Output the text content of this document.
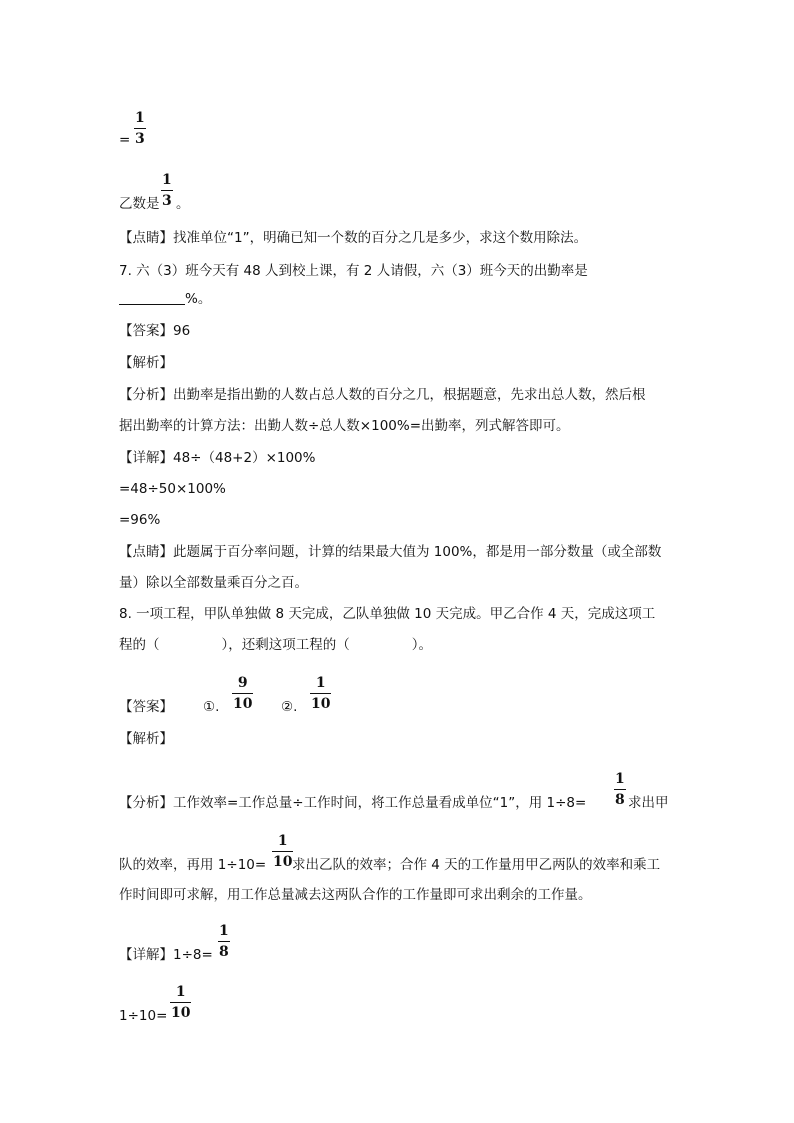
=
1
3
乙数是
1
3 。
【点睛】找准单位“1”，明确已知一个数的百分之几是多少，求这个数用除法。
7. 六（3）班今天有 48 人到校上课，有 2 人请假，六（3）班今天的出勤率是
%。
【答案】96
【解析】
【分析】出勤率是指出勤的人数占总人数的百分之几，根据题意，先求出总人数，然后根
据出勤率的计算方法：出勤人数÷总人数×100%=出勤率，列式解答即可。
【详解】48÷（48+2）×100%
=48÷50×100%
=96%
【点睛】此题属于百分率问题，计算的结果最大值为 100%，都是用一部分数量（或全部数
量）除以全部数量乘百分之百。
8. 一项工程，甲队单独做 8 天完成，乙队单独做 10 天完成。甲乙合作 4 天，完成这项工
程的（	），还剩这项工程的（	）。
【答案】 ①.
9
10 ②.
1
10
【解析】
【分析】工作效率=工作总量÷工作时间，将工作总量看成单位“1”，用 1÷8=
1
8 求出甲
队的效率，再用 1÷10=
1
10 求出乙队的效率；合作 4 天的工作量用甲乙两队的效率和乘工
作时间即可求解，用工作总量减去这两队合作的工作量即可求出剩余的工作量。
【详解】1÷8=
1
8
1÷10=
1
10
